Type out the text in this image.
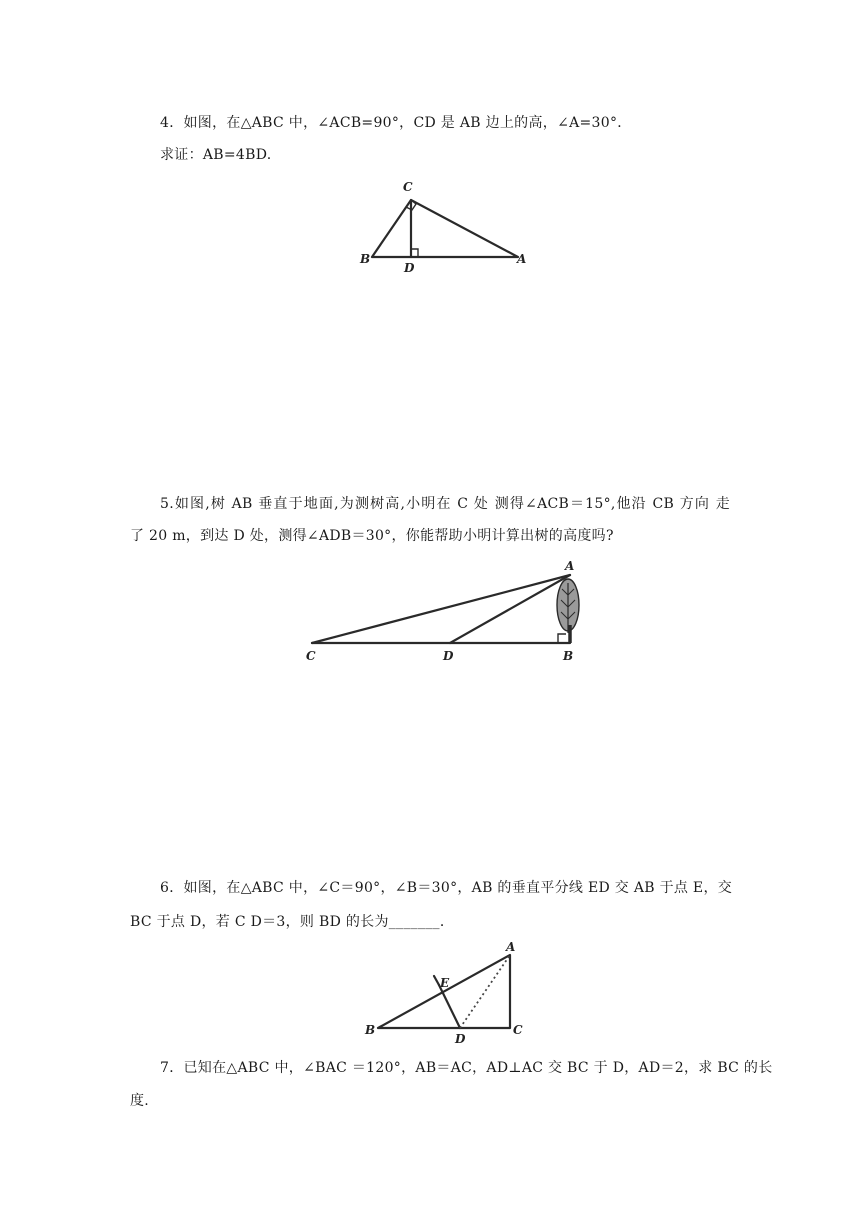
4．如图，在△ABC 中，∠ACB=90°，CD 是 AB 边上的高，∠A=30°．
求证：AB=4BD.
C
B
D
A
5.如图,树 AB 垂直于地面,为测树高,小明在 C 处 测得∠ACB＝15°,他沿 CB 方向 走
了 20 m，到达 D 处，测得∠ADB＝30°，你能帮助小明计算出树的高度吗?
A
C	D	B
6．如图，在△ABC 中，∠C＝90°，∠B＝30°，AB 的垂直平分线 ED 交 AB 于点 E，交
BC 于点 D，若 C D＝3，则 BD 的长为_______．
A
E
B
D
C
7．已知在△ABC 中，∠BAC ＝120°，AB＝AC，AD⊥AC 交 BC 于 D，AD＝2，求 BC 的长
度.
